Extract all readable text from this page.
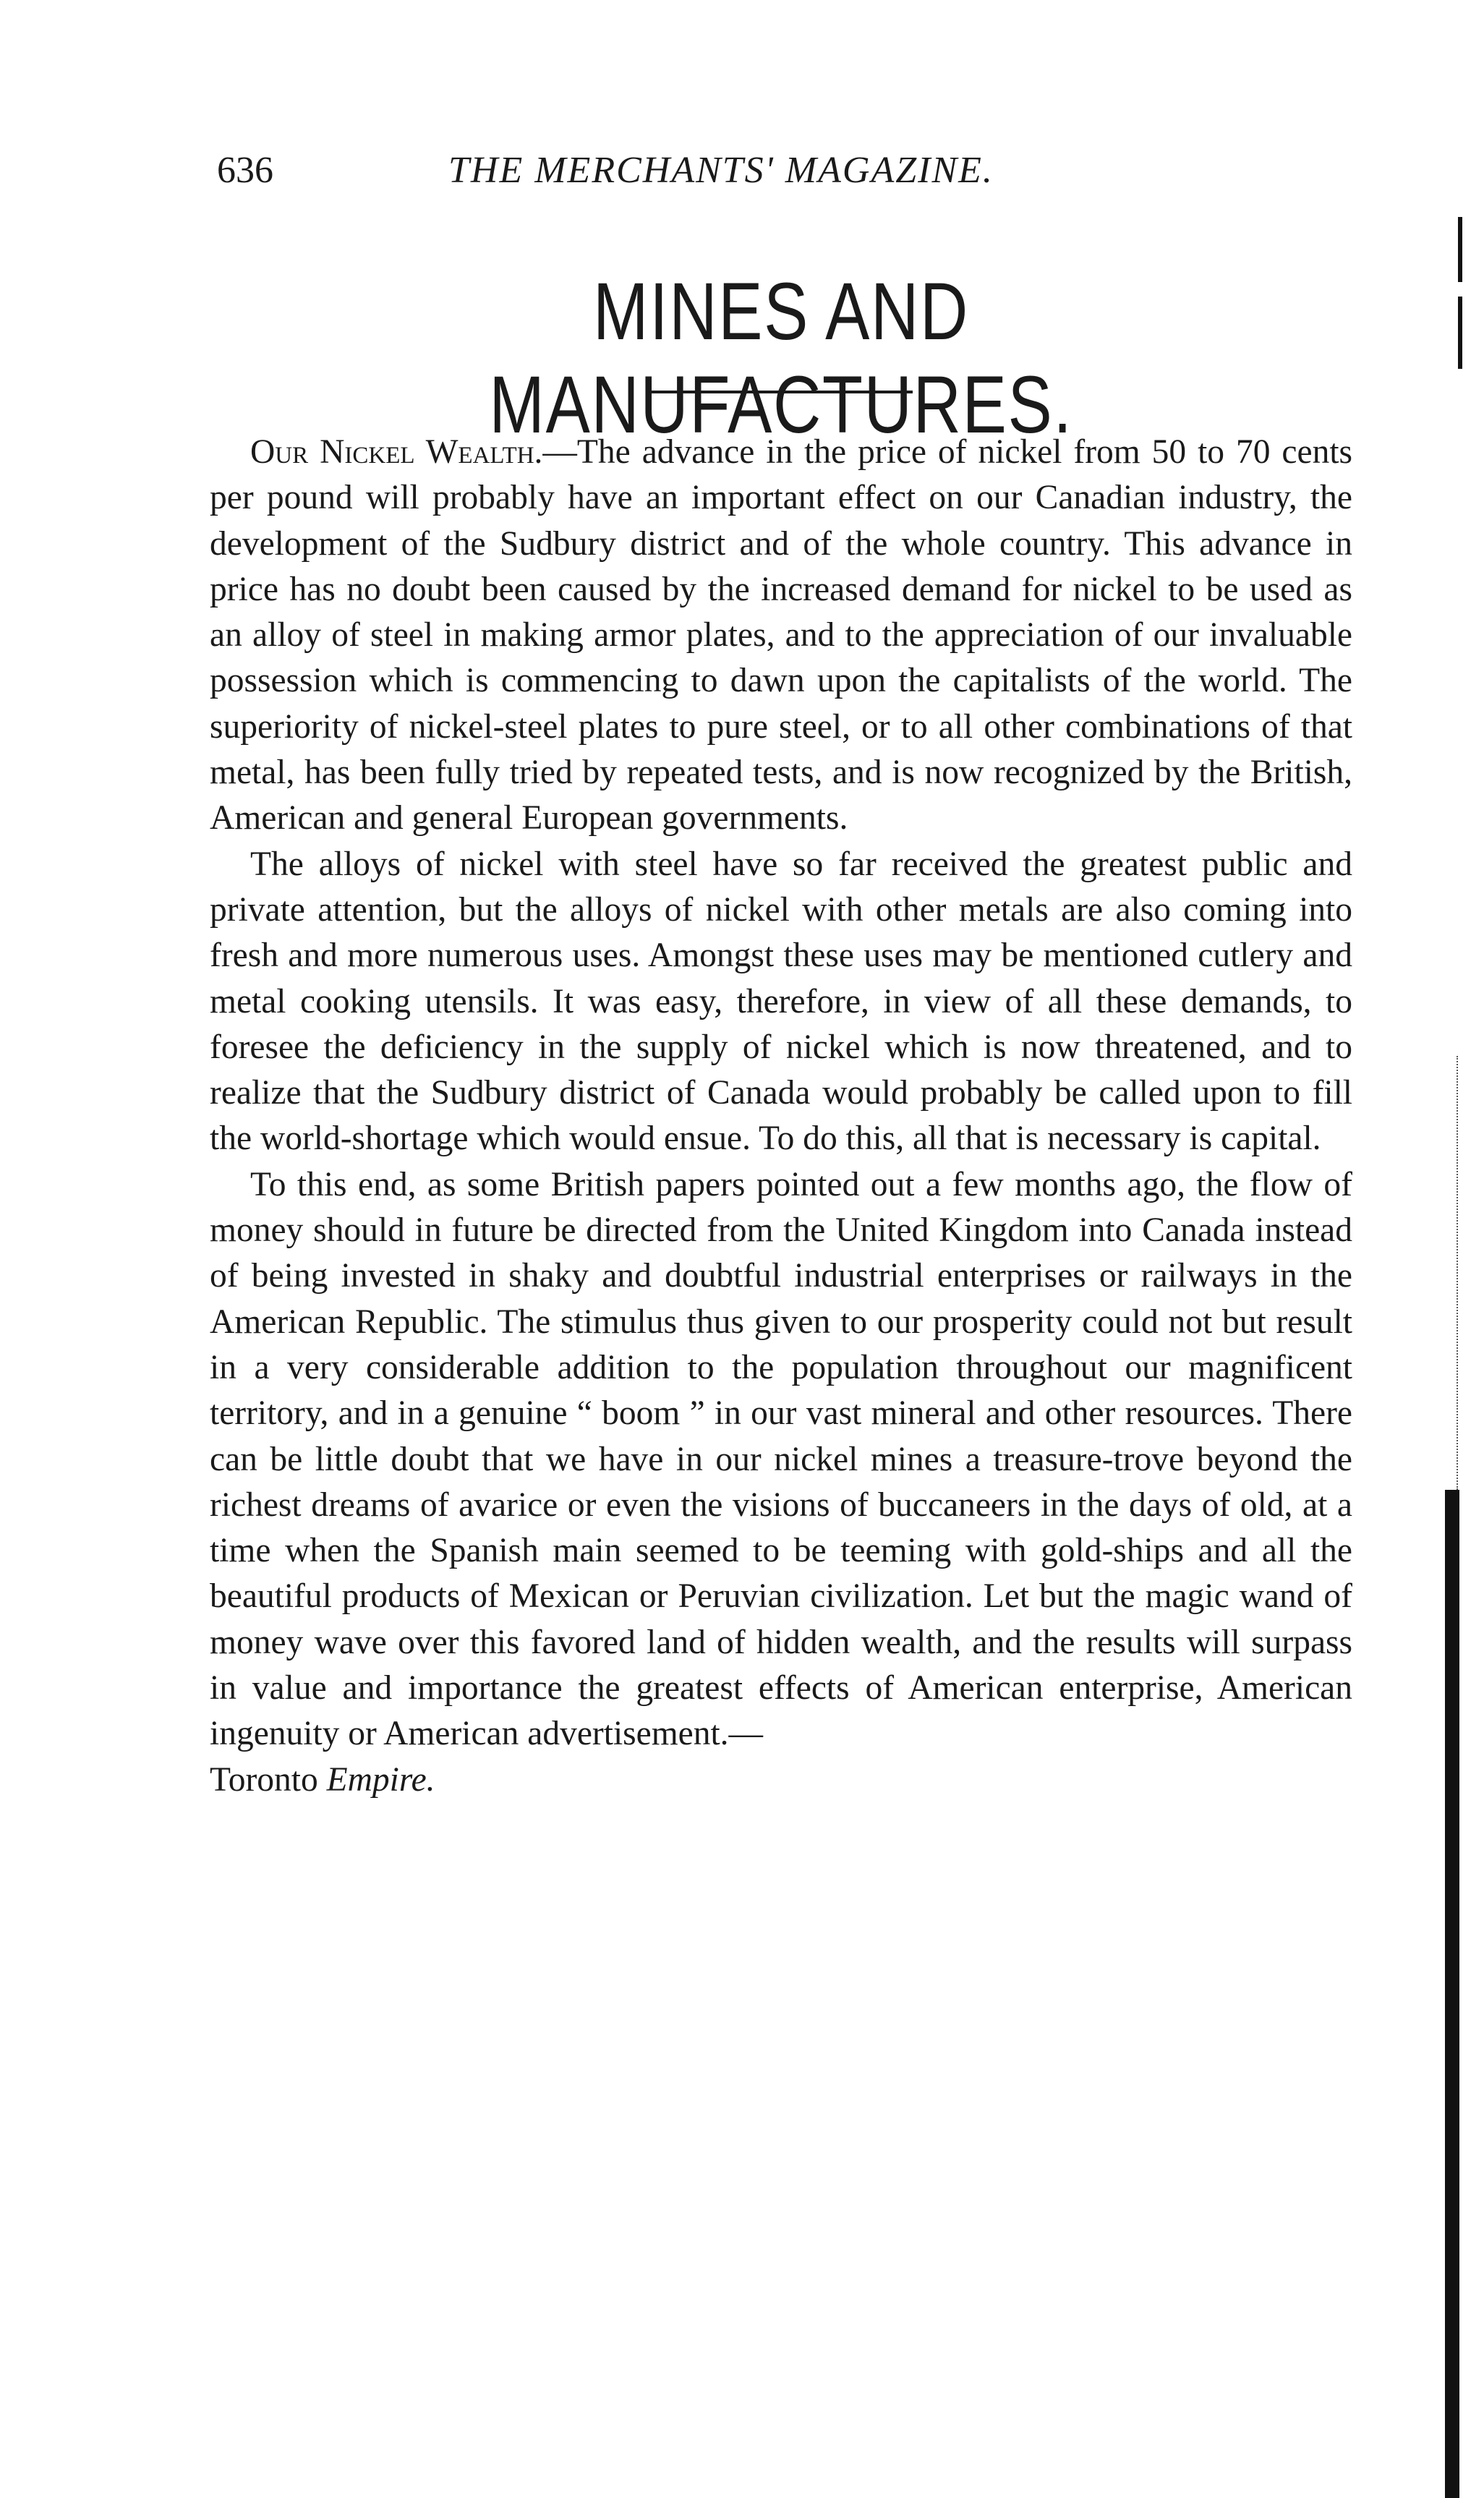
636	THE MERCHANTS' MAGAZINE.
MINES AND MANUFACTURES.

Our Nickel Wealth.—The advance in the price of nickel from 50 to 70 cents per pound will probably have an important effect on our Canadian industry, the development of the Sudbury district and of the whole country. This advance in price has no doubt been caused by the increased demand for nickel to be used as an alloy of steel in making armor plates, and to the appreciation of our invaluable possession which is commencing to dawn upon the capitalists of the world. The superiority of nickel-steel plates to pure steel, or to all other combinations of that metal, has been fully tried by repeated tests, and is now recognized by the British, American and general European governments.

The alloys of nickel with steel have so far received the greatest public and private attention, but the alloys of nickel with other metals are also coming into fresh and more numerous uses. Amongst these uses may be mentioned cutlery and metal cooking utensils. It was easy, therefore, in view of all these demands, to foresee the deficiency in the supply of nickel which is now threatened, and to realize that the Sudbury district of Canada would probably be called upon to fill the world-shortage which would ensue. To do this, all that is necessary is capital.

To this end, as some British papers pointed out a few months ago, the flow of money should in future be directed from the United Kingdom into Canada instead of being invested in shaky and doubtful industrial enterprises or railways in the American Republic. The stimulus thus given to our prosperity could not but result in a very considerable addition to the population throughout our magnificent territory, and in a genuine “ boom ” in our vast mineral and other resources. There can be little doubt that we have in our nickel mines a treasure-trove beyond the richest dreams of avarice or even the visions of buccaneers in the days of old, at a time when the Spanish main seemed to be teeming with gold-ships and all the beautiful products of Mexican or Peruvian civilization. Let but the magic wand of money wave over this favored land of hidden wealth, and the results will surpass in value and importance the greatest effects of American enterprise, American ingenuity or American advertisement.—

Toronto Empire.
